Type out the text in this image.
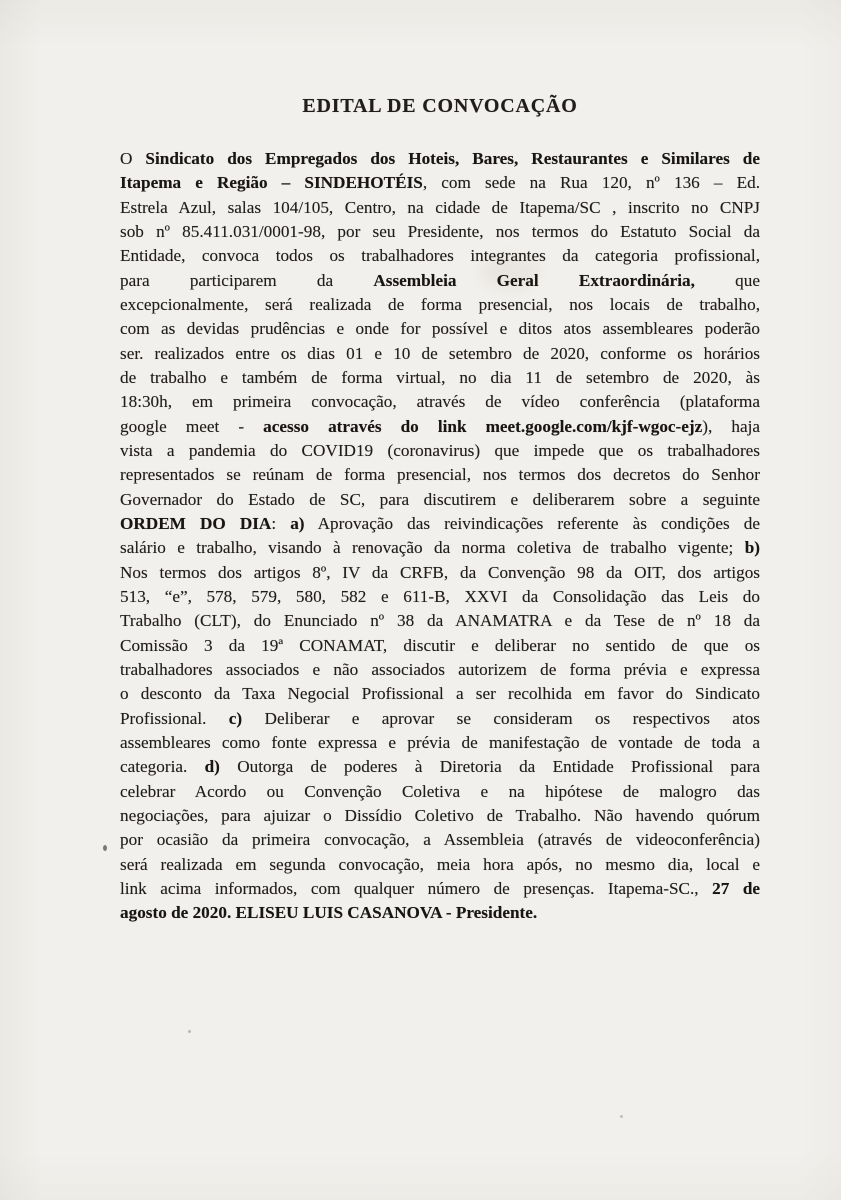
EDITAL DE CONVOCAÇÃO
O Sindicato dos Empregados dos Hoteis, Bares, Restaurantes e Similares de
Itapema e Região – SINDEHOTÉIS, com sede na Rua 120, nº 136 – Ed.
Estrela Azul, salas 104/105, Centro, na cidade de Itapema/SC , inscrito no CNPJ
sob nº 85.411.031/0001-98, por seu Presidente, nos termos do Estatuto Social da
Entidade, convoca todos os trabalhadores integrantes da categoria profissional,
para participarem da Assembleia Geral Extraordinária, que
excepcionalmente, será realizada de forma presencial, nos locais de trabalho,
com as devidas prudências e onde for possível e ditos atos assembleares poderão
ser. realizados entre os dias 01 e 10 de setembro de 2020, conforme os horários
de trabalho e também de forma virtual, no dia 11 de setembro de 2020, às
18:30h, em primeira convocação, através de vídeo conferência (plataforma
google meet - acesso através do link meet.google.com/kjf-wgoc-ejz), haja
vista a pandemia do COVID19 (coronavirus) que impede que os trabalhadores
representados se reúnam de forma presencial, nos termos dos decretos do Senhor
Governador do Estado de SC, para discutirem e deliberarem sobre a seguinte
ORDEM DO DIA: a) Aprovação das reivindicações referente às condições de
salário e trabalho, visando à renovação da norma coletiva de trabalho vigente; b)
Nos termos dos artigos 8º, IV da CRFB, da Convenção 98 da OIT, dos artigos
513, “e”, 578, 579, 580, 582 e 611-B, XXVI da Consolidação das Leis do
Trabalho (CLT), do Enunciado nº 38 da ANAMATRA e da Tese de nº 18 da
Comissão 3 da 19ª CONAMAT, discutir e deliberar no sentido de que os
trabalhadores associados e não associados autorizem de forma prévia e expressa
o desconto da Taxa Negocial Profissional a ser recolhida em favor do Sindicato
Profissional. c) Deliberar e aprovar se consideram os respectivos atos
assembleares como fonte expressa e prévia de manifestação de vontade de toda a
categoria. d) Outorga de poderes à Diretoria da Entidade Profissional para
celebrar Acordo ou Convenção Coletiva e na hipótese de malogro das
negociações, para ajuizar o Dissídio Coletivo de Trabalho. Não havendo quórum
por ocasião da primeira convocação, a Assembleia (através de videoconferência)
será realizada em segunda convocação, meia hora após, no mesmo dia, local e
link acima informados, com qualquer número de presenças. Itapema-SC., 27 de
agosto de 2020. ELISEU LUIS CASANOVA - Presidente.
